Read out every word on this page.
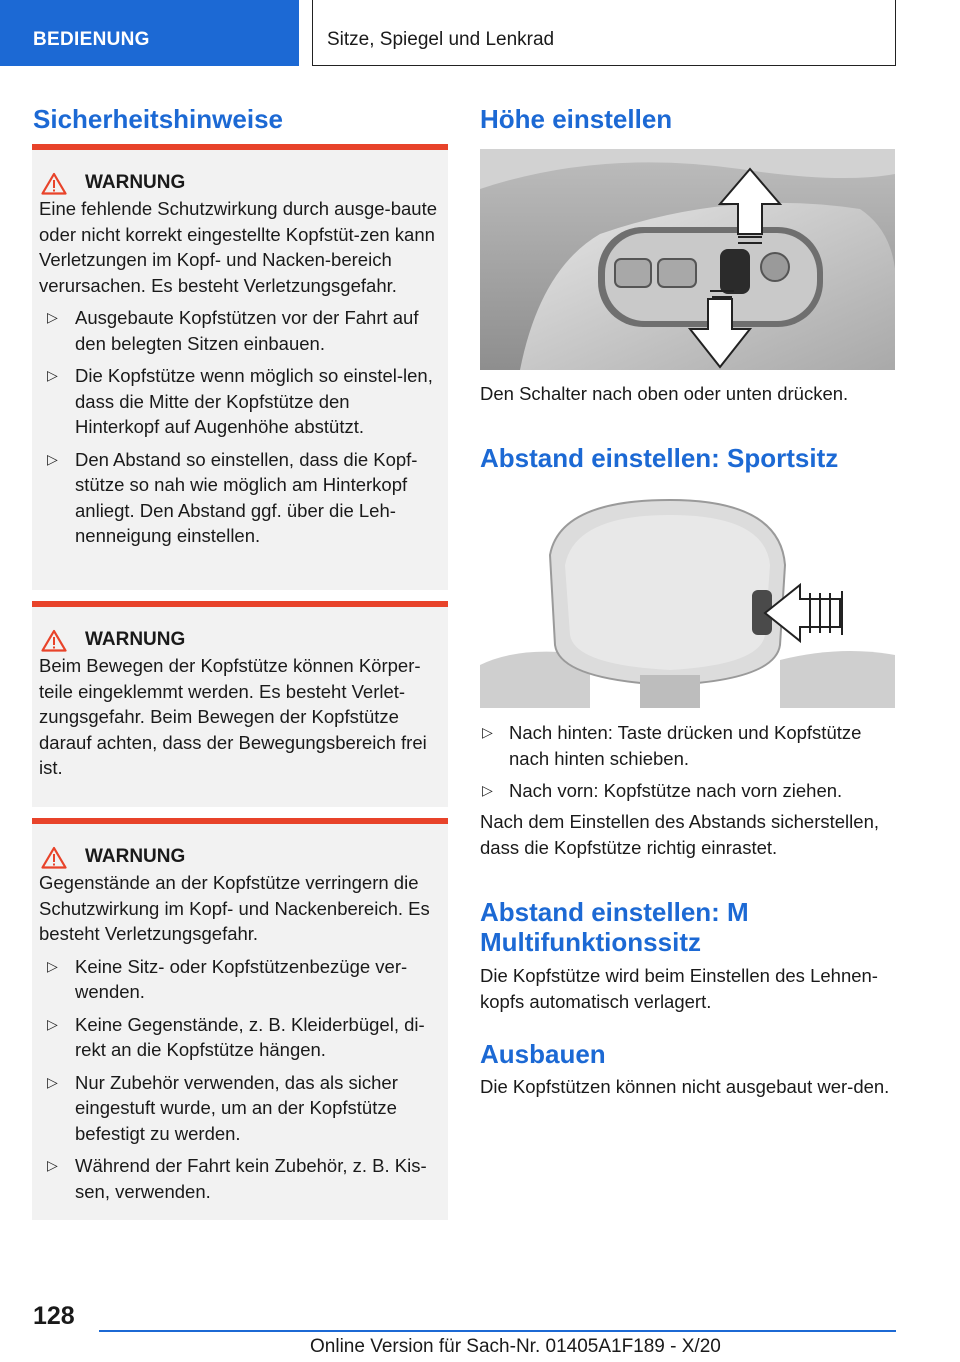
BEDIENUNG	Sitze, Spiegel und Lenkrad
Sicherheitshinweise
WARNUNG
Eine fehlende Schutzwirkung durch ausge-baute oder nicht korrekt eingestellte Kopfstüt-zen kann Verletzungen im Kopf- und Nacken-bereich verursachen. Es besteht Verletzungsgefahr.
▷ Ausgebaute Kopfstützen vor der Fahrt auf den belegten Sitzen einbauen.
▷ Die Kopfstütze wenn möglich so einstel-len, dass die Mitte der Kopfstütze den Hinterkopf auf Augenhöhe abstützt.
▷ Den Abstand so einstellen, dass die Kopf-stütze so nah wie möglich am Hinterkopf anliegt. Den Abstand ggf. über die Leh-nenneigung einstellen.
WARNUNG
Beim Bewegen der Kopfstütze können Körper-teile eingeklemmt werden. Es besteht Verlet-zungsgefahr. Beim Bewegen der Kopfstütze darauf achten, dass der Bewegungsbereich frei ist.
WARNUNG
Gegenstände an der Kopfstütze verringern die Schutzwirkung im Kopf- und Nackenbereich. Es besteht Verletzungsgefahr.
▷ Keine Sitz- oder Kopfstützenbezüge ver-wenden.
▷ Keine Gegenstände, z. B. Kleiderbügel, di-rekt an die Kopfstütze hängen.
▷ Nur Zubehör verwenden, das als sicher eingestuft wurde, um an der Kopfstütze befestigt zu werden.
▷ Während der Fahrt kein Zubehör, z. B. Kis-sen, verwenden.
Höhe einstellen
Den Schalter nach oben oder unten drücken.
Abstand einstellen: Sportsitz
▷ Nach hinten: Taste drücken und Kopfstütze nach hinten schieben.
▷ Nach vorn: Kopfstütze nach vorn ziehen.
Nach dem Einstellen des Abstands sicherstellen, dass die Kopfstütze richtig einrastet.
Abstand einstellen: M Multifunktionssitz
Die Kopfstütze wird beim Einstellen des Lehnen-kopfs automatisch verlagert.
Ausbauen
Die Kopfstützen können nicht ausgebaut wer-den.
128
Online Version für Sach-Nr. 01405A1F189 - X/20
